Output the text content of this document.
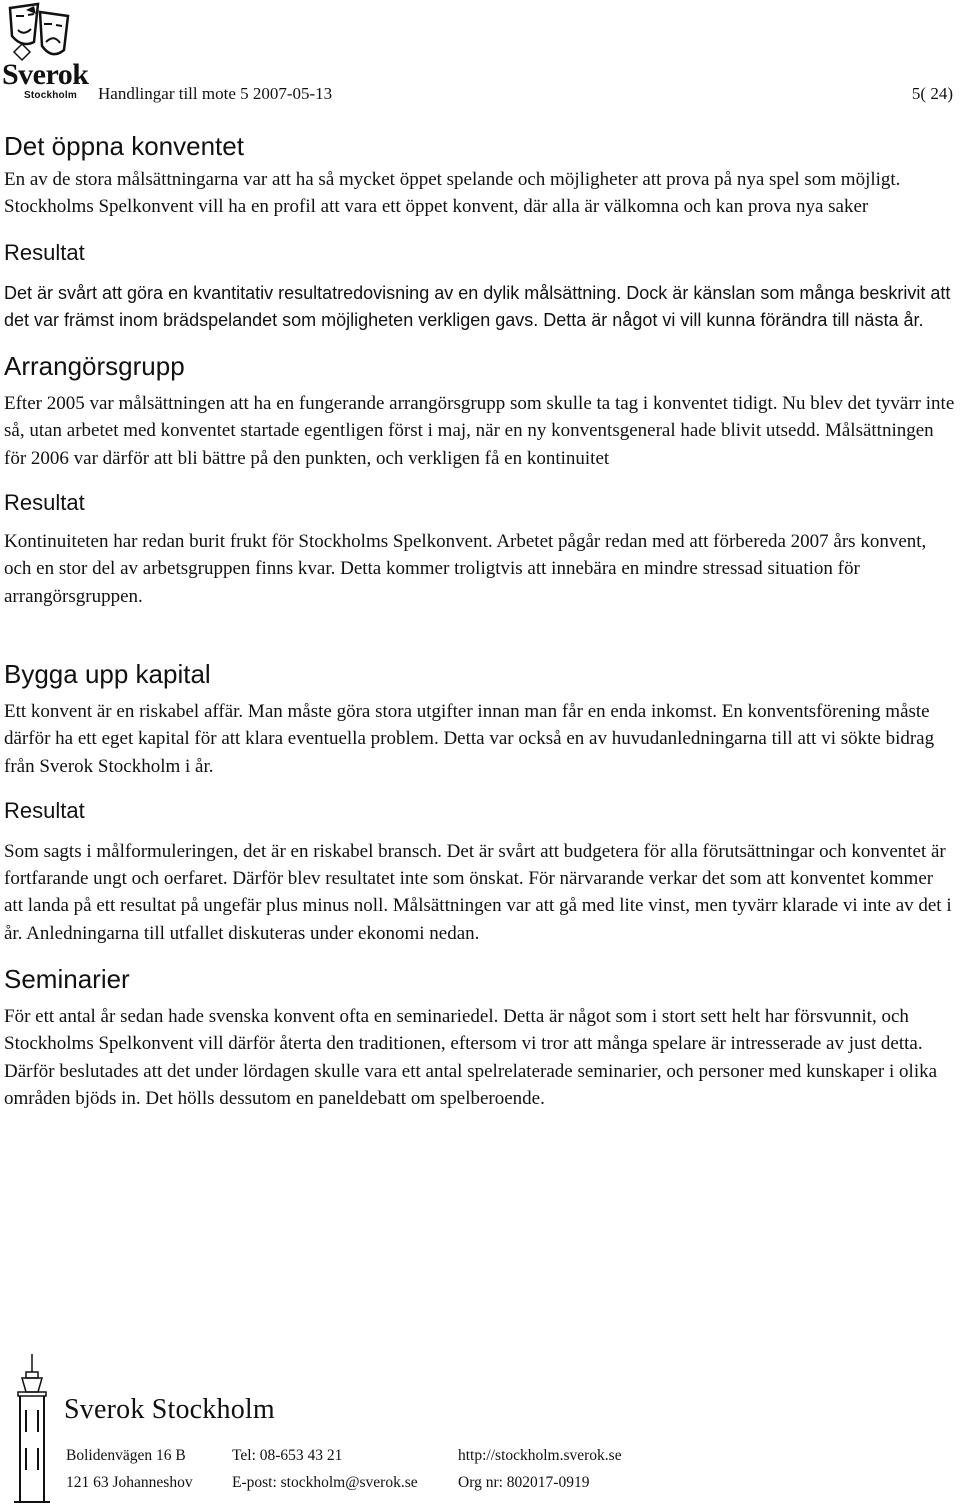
Sverok
Stockholm Handlingar till mote 5 2007-05-13	5( 24)
Det öppna konventet

En av de stora målsättningarna var att ha så mycket öppet spelande och möjligheter att prova på nya spel som möjligt. Stockholms Spelkonvent vill ha en profil att vara ett öppet konvent, där alla är välkomna och kan prova nya saker

Resultat

Det är svårt att göra en kvantitativ resultatredovisning av en dylik målsättning. Dock är känslan som många beskrivit att det var främst inom brädspelandet som möjligheten verkligen gavs. Detta är något vi vill kunna förändra till nästa år.

Arrangörsgrupp

Efter 2005 var målsättningen att ha en fungerande arrangörsgrupp som skulle ta tag i konventet tidigt. Nu blev det tyvärr inte så, utan arbetet med konventet startade egentligen först i maj, när en ny konventsgeneral hade blivit utsedd. Målsättningen för 2006 var därför att bli bättre på den punkten, och verkligen få en kontinuitet

Resultat

Kontinuiteten har redan burit frukt för Stockholms Spelkonvent. Arbetet pågår redan med att förbereda 2007 års konvent, och en stor del av arbetsgruppen finns kvar. Detta kommer troligtvis att innebära en mindre stressad situation för arrangörsgruppen.

Bygga upp kapital

Ett konvent är en riskabel affär. Man måste göra stora utgifter innan man får en enda inkomst. En konventsförening måste därför ha ett eget kapital för att klara eventuella problem. Detta var också en av huvudanledningarna till att vi sökte bidrag från Sverok Stockholm i år.

Resultat

Som sagts i målformuleringen, det är en riskabel bransch. Det är svårt att budgetera för alla förutsättningar och konventet är fortfarande ungt och oerfaret. Därför blev resultatet inte som önskat. För närvarande verkar det som att konventet kommer att landa på ett resultat på ungefär plus minus noll. Målsättningen var att gå med lite vinst, men tyvärr klarade vi inte av det i år. Anledningarna till utfallet diskuteras under ekonomi nedan.

Seminarier

För ett antal år sedan hade svenska konvent ofta en seminariedel. Detta är något som i stort sett helt har försvunnit, och Stockholms Spelkonvent vill därför återta den traditionen, eftersom vi tror att många spelare är intresserade av just detta. Därför beslutades att det under lördagen skulle vara ett antal spelrelaterade seminarier, och personer med kunskaper i olika områden bjöds in. Det hölls dessutom en paneldebatt om spelberoende.

Sverok Stockholm
Bolidenvägen 16 B
121 63 Johanneshov
Tel: 08-653 43 21
E-post: stockholm@sverok.se
http://stockholm.sverok.se
Org nr: 802017-0919
